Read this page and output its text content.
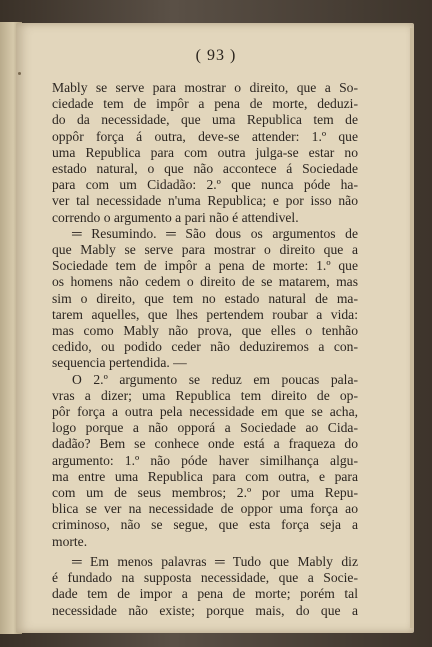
( 93 )
Mably se serve para mostrar o direito, que a So-
ciedade tem de impôr a pena de morte, deduzi-
do da necessidade, que uma Republica tem de
oppôr força á outra, deve-se attender: 1.º que
uma Republica para com outra julga-se estar no
estado natural, o que não accontece á Sociedade
para com um Cidadão: 2.º que nunca póde ha-
ver tal necessidade n'uma Republica; e por isso não
correndo o argumento a pari não é attendivel.
═ Resumindo. ═ São dous os argumentos de
que Mably se serve para mostrar o direito que a
Sociedade tem de impôr a pena de morte: 1.º que
os homens não cedem o direito de se matarem, mas
sim o direito, que tem no estado natural de ma-
tarem aquelles, que lhes pertendem roubar a vida:
mas como Mably não prova, que elles o tenhão
cedido, ou podido ceder não deduziremos a con-
sequencia pertendida. —
O 2.º argumento se reduz em poucas pala-
vras a dizer; uma Republica tem direito de op-
pôr força a outra pela necessidade em que se acha,
logo porque a não opporá a Sociedade ao Cida-
dadão? Bem se conhece onde está a fraqueza do
argumento: 1.º não póde haver similhança algu-
ma entre uma Republica para com outra, e para
com um de seus membros; 2.º por uma Repu-
blica se ver na necessidade de oppor uma força ao
criminoso, não se segue, que esta força seja a
morte.
═ Em menos palavras ═ Tudo que Mably diz
é fundado na supposta necessidade, que a Socie-
dade tem de impor a pena de morte; porém tal
necessidade não existe; porque mais, do que a
